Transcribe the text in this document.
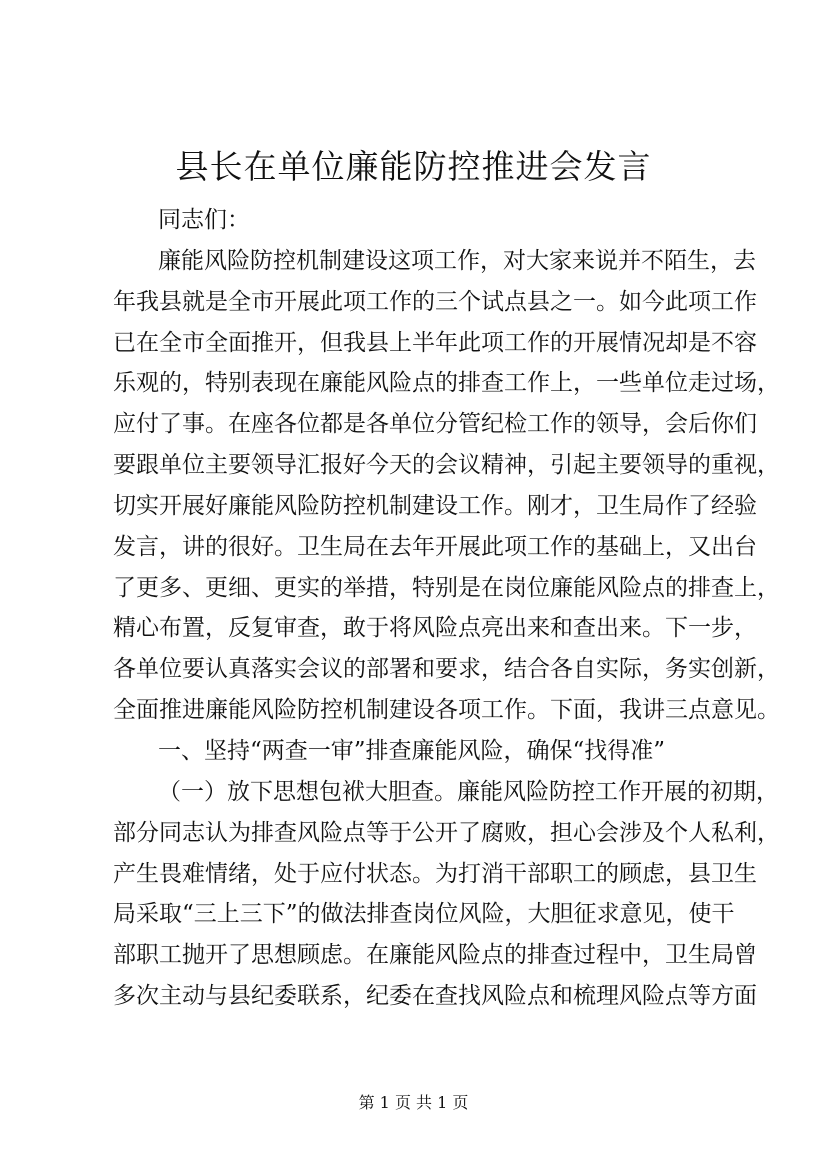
县长在单位廉能防控推进会发言
同志们：
廉能风险防控机制建设这项工作，对大家来说并不陌生，去
年我县就是全市开展此项工作的三个试点县之一。如今此项工作
已在全市全面推开，但我县上半年此项工作的开展情况却是不容
乐观的，特别表现在廉能风险点的排查工作上，一些单位走过场，
应付了事。在座各位都是各单位分管纪检工作的领导，会后你们
要跟单位主要领导汇报好今天的会议精神，引起主要领导的重视，
切实开展好廉能风险防控机制建设工作。刚才，卫生局作了经验
发言，讲的很好。卫生局在去年开展此项工作的基础上，又出台
了更多、更细、更实的举措，特别是在岗位廉能风险点的排查上，
精心布置，反复审查，敢于将风险点亮出来和查出来。下一步，
各单位要认真落实会议的部署和要求，结合各自实际，务实创新，
全面推进廉能风险防控机制建设各项工作。下面，我讲三点意见。
一、坚持“两查一审”排查廉能风险，确保“找得准”
（一）放下思想包袱大胆查。廉能风险防控工作开展的初期，
部分同志认为排查风险点等于公开了腐败，担心会涉及个人私利，
产生畏难情绪，处于应付状态。为打消干部职工的顾虑，县卫生
局采取“三上三下”的做法排查岗位风险，大胆征求意见，使干
部职工抛开了思想顾虑。在廉能风险点的排查过程中，卫生局曾
多次主动与县纪委联系，纪委在查找风险点和梳理风险点等方面
第 1 页 共 1 页
